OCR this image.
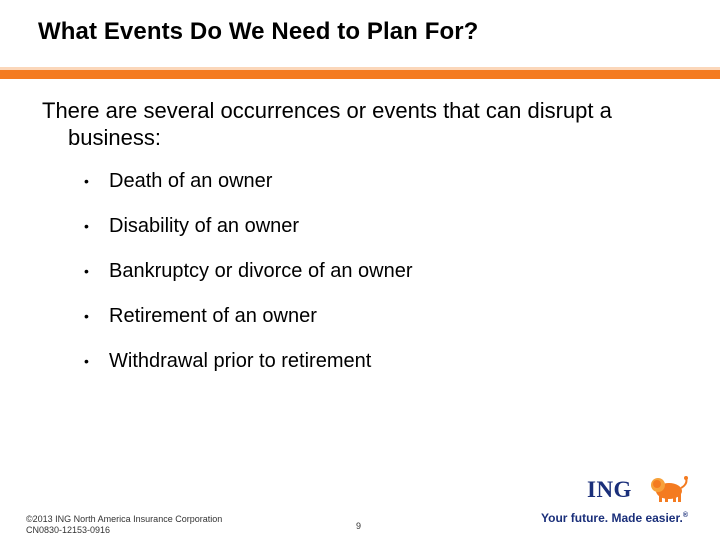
What Events Do We Need to Plan For?
There are several occurrences or events that can disrupt a
business:
• Death of an owner
• Disability of an owner
• Bankruptcy or divorce of an owner
• Retirement of an owner
• Withdrawal prior to retirement
©2013 ING North America Insurance Corporation
CN0830-12153-0916	9
ING
Your future. Made easier.®
